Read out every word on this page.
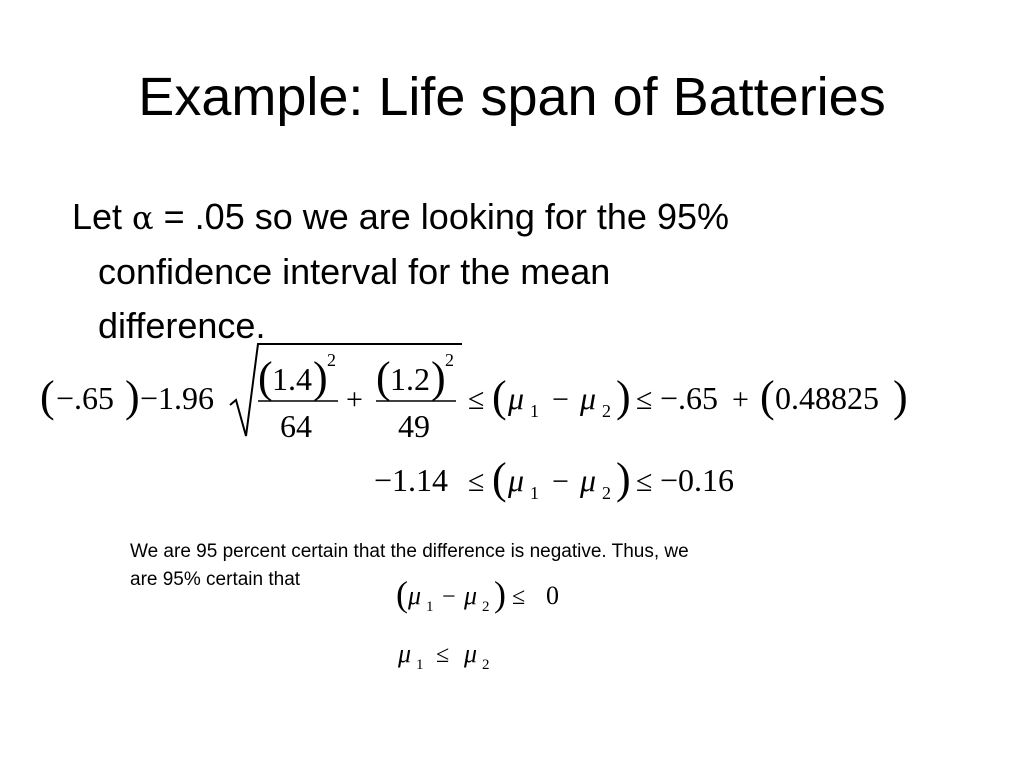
Example: Life span of Batteries
Let α = .05 so we are looking for the 95%
confidence interval for the mean
difference.
( −.65 ) −1.96 ( 1.4 ) 2
64
+ ( 1.2 ) 2
49
≤ ( μ 1 − μ 2 ) ≤ −.65 + ( 0.48825 )
−1.14 ≤ ( μ 1 − μ 2 ) ≤ −0.16
We are 95 percent certain that the difference is negative. Thus, we
are 95% certain that	( μ 1 − μ 2 ) ≤ 0
μ 1 ≤ μ 2
